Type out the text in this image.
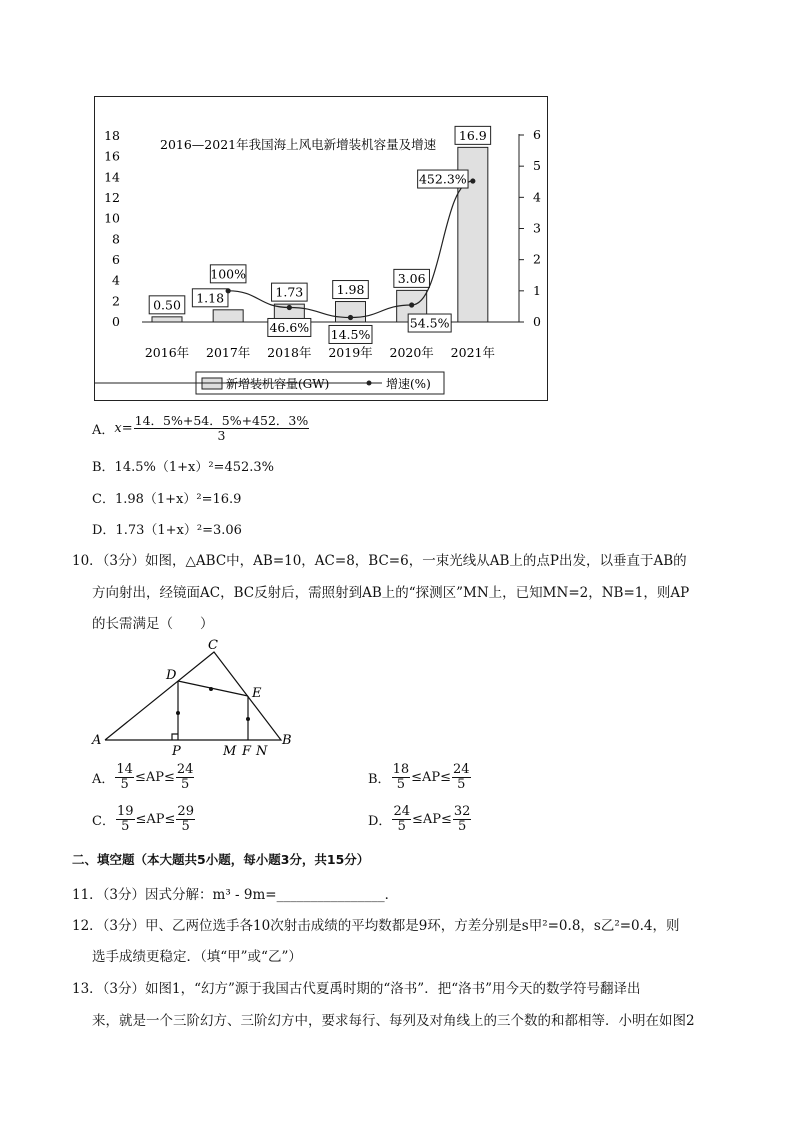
0
2
4
6
8
10
12
14
16
18
0
1
2
3
4
5
6
2016年 2017年 2018年 2019年 2020年 2021年
0.50 1.18	1.73	1.98
3.06
16.9
100%
46.6% 14.5%
54.5%
452.3%
2016—2021年我国海上风电新增装机容量及增速
新增装机容量(GW)	增速(%)
A． $x= \frac{14.5\%+54.5\%+452.3\%}{3}$
B．14.5%（1+x）²=452.3%
C．1.98（1+x）²=16.9
D．1.73（1+x）²=3.06
10．（3分）如图，△ABC中，AB=10，AC=8，BC=6，一束光线从AB上的点P出发，以垂直于AB的
方向射出，经镜面AC，BC反射后，需照射到AB上的“探测区”MN上，已知MN=2，NB=1，则AP
的长需满足（　　）
C
D
E
A
P	M F N
B
A． $\frac{14}{5} \le AP\le \frac{24}{5}$	B． $\frac{18}{5} \le AP\le \frac{24}{5}$
C． $\frac{19}{5} \le AP\le \frac{29}{5}$	D． $\frac{24}{5} \le AP\le \frac{32}{5}$
二、填空题（本大题共5小题，每小题3分，共15分）
11．（3分）因式分解：m³ - 9m=________________．
12．（3分）甲、乙两位选手各10次射击成绩的平均数都是9环，方差分别是s甲²=0.8，s乙²=0.4，则
选手成绩更稳定．（填“甲”或“乙”）
13．（3分）如图1，“幻方”源于我国古代夏禹时期的“洛书”．把“洛书”用今天的数学符号翻译出
来，就是一个三阶幻方、三阶幻方中，要求每行、每列及对角线上的三个数的和都相等．小明在如图2
